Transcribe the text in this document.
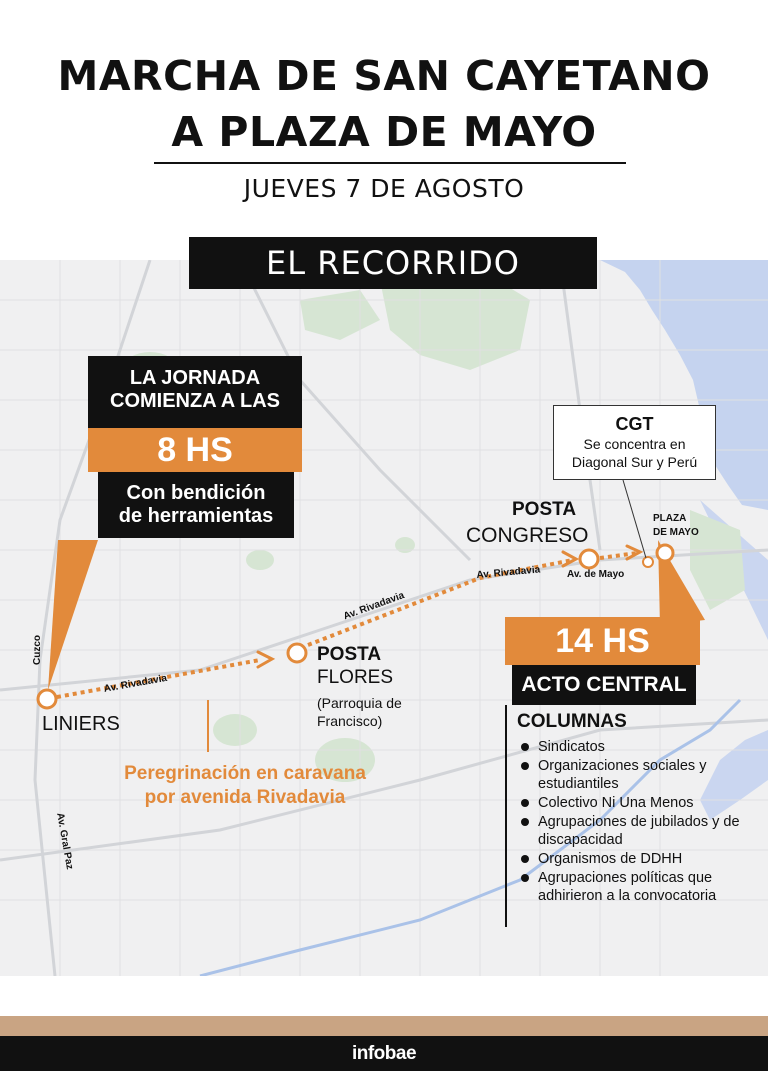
MARCHA DE SAN CAYETANO
A PLAZA DE MAYO
JUEVES 7 DE AGOSTO
EL RECORRIDO
LA JORNADA
COMIENZA A LAS
8 HS
Con bendición
de herramientas
CGT
Se concentra en
Diagonal Sur y Perú
LINIERS
POSTA
FLORES
(Parroquia de
Francisco)
POSTA
CONGRESO
PLAZA
DE MAYO
Cuzco
Av. Rivadavia
Av. Rivadavia
Av. Rivadavia	Av. de Mayo
Av. Gral Paz
Peregrinación en caravana
por avenida Rivadavia
14 HS
ACTO CENTRAL
COLUMNAS
Sindicatos
Organizaciones sociales y estudiantiles
Colectivo Ni Una Menos
Agrupaciones de jubilados y de discapacidad
Organismos de DDHH
Agrupaciones políticas que adhirieron a la convocatoria
infobae
